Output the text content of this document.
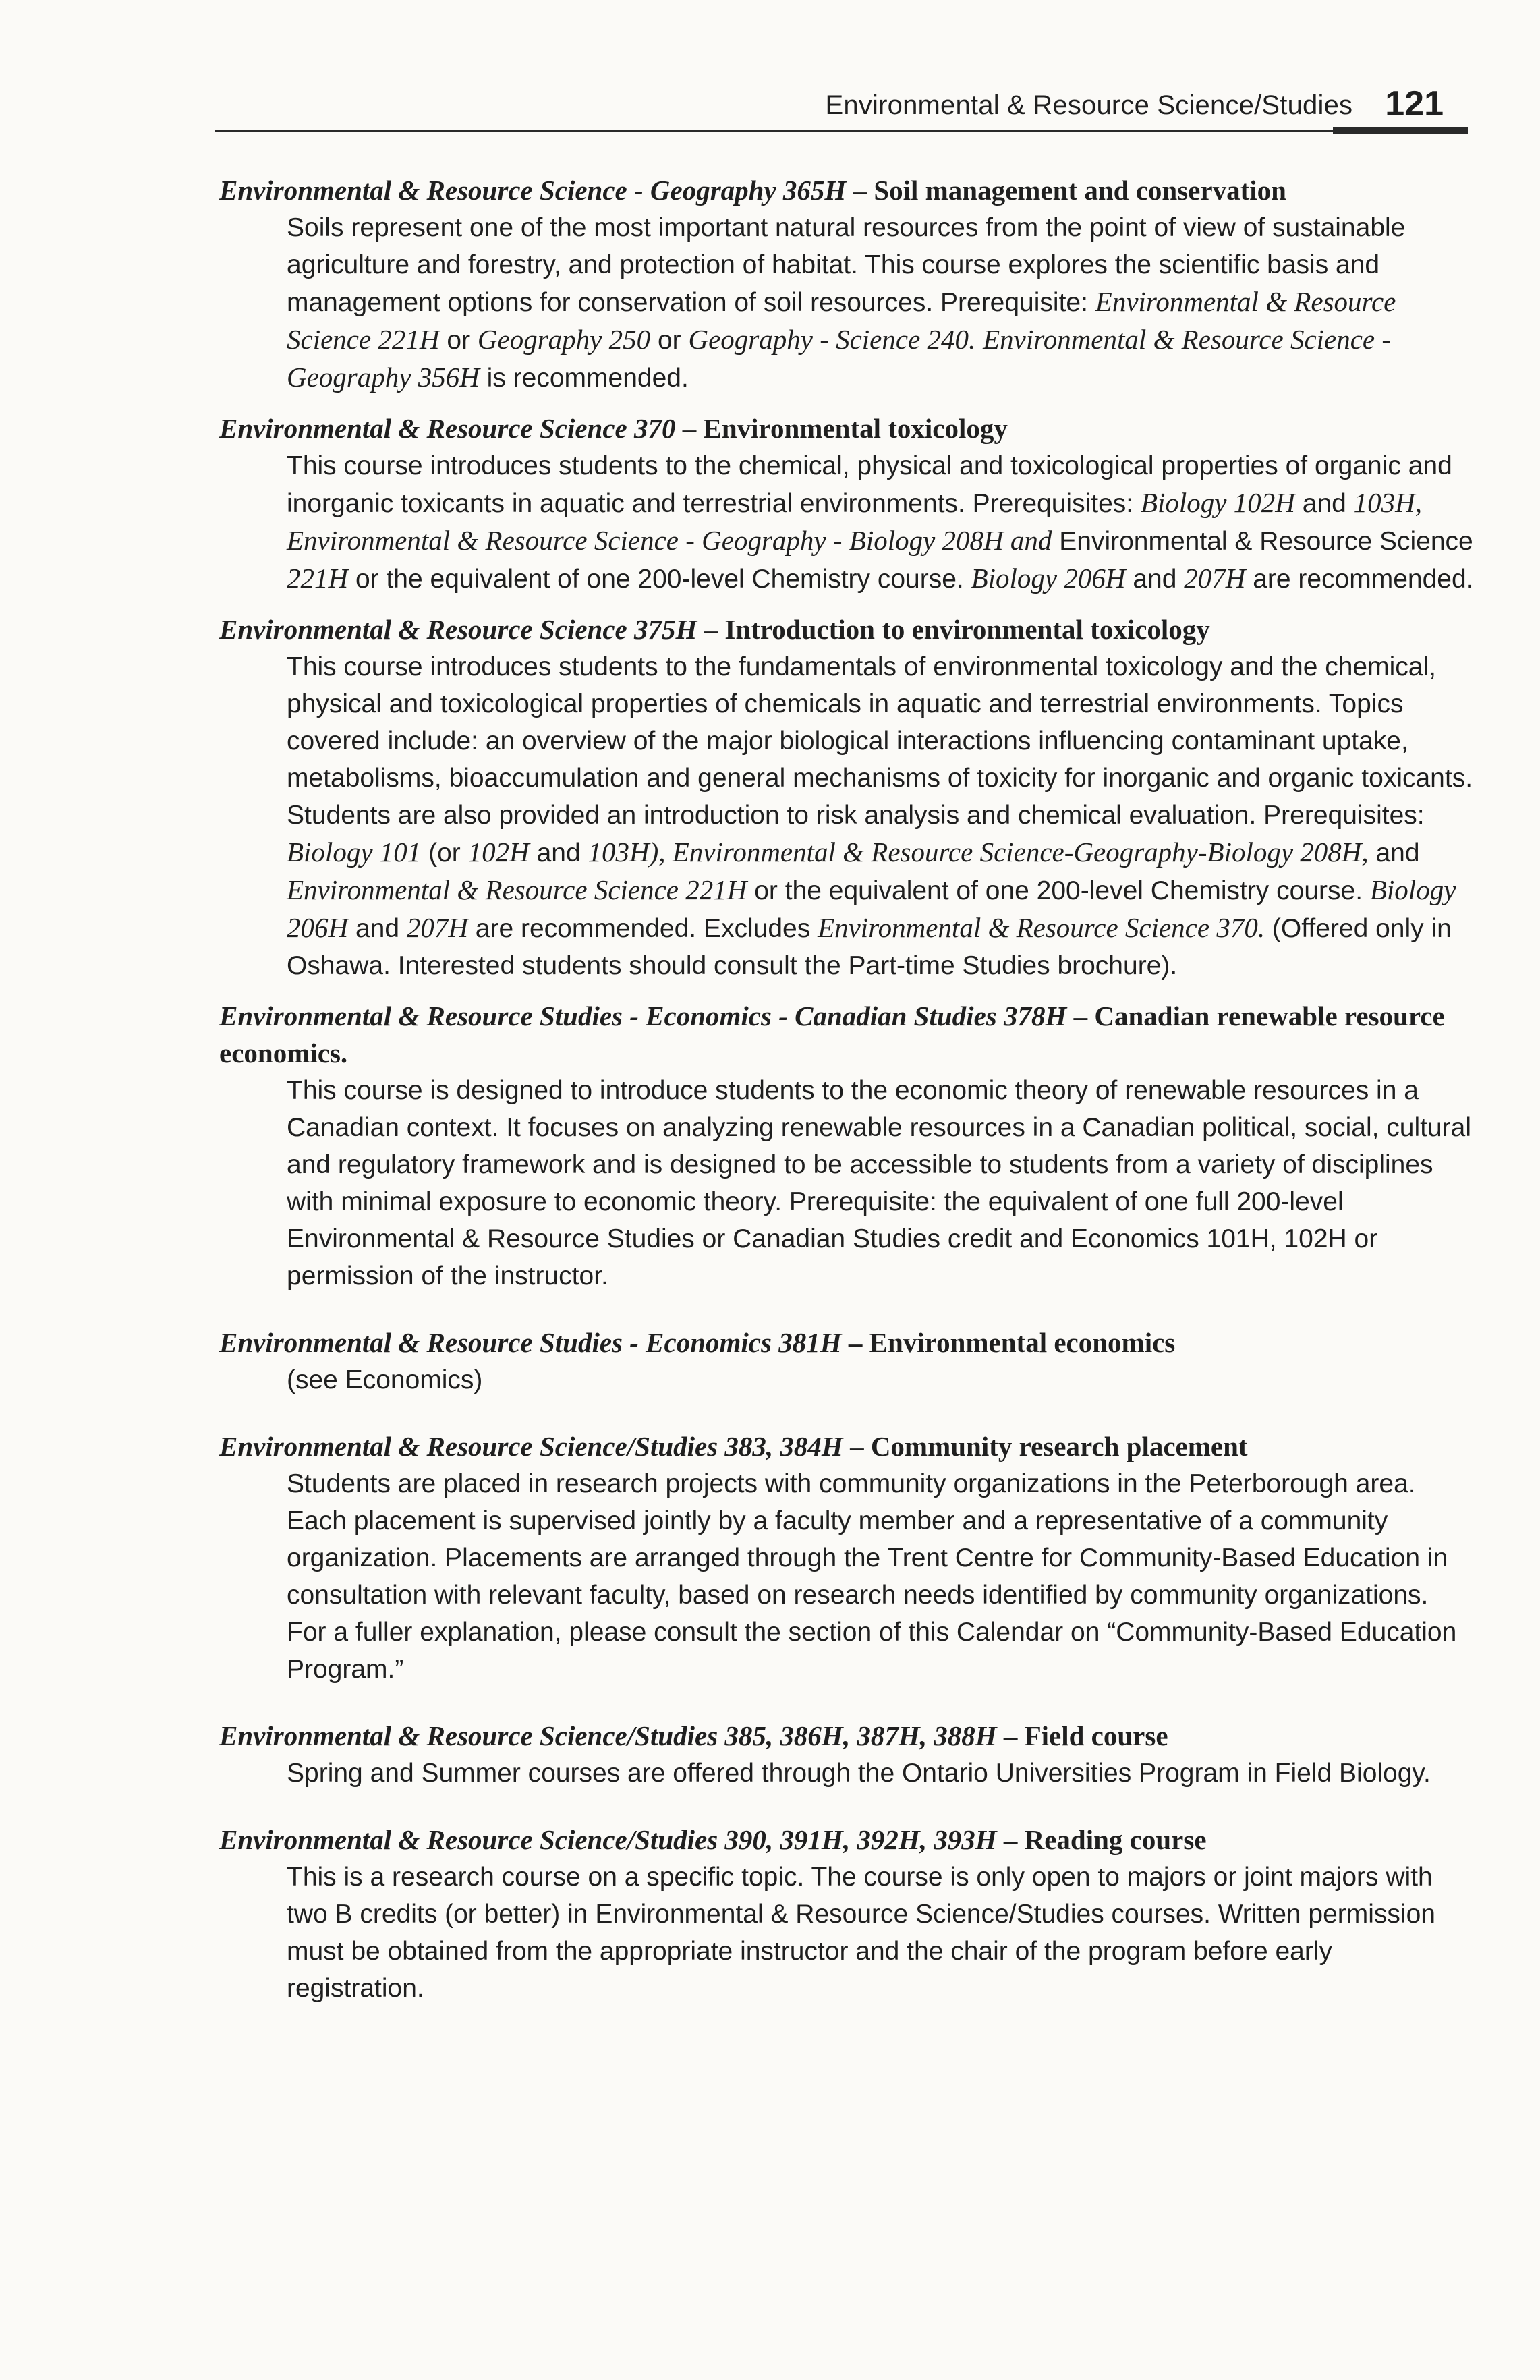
Environmental & Resource Science/Studies 121
Environmental & Resource Science - Geography 365H – Soil management and conservation
Soils represent one of the most important natural resources from the point of view of sustainable agriculture and forestry, and protection of habitat. This course explores the scientific basis and management options for conservation of soil resources. Prerequisite: Environmental & Resource Science 221H or Geography 250 or Geography - Science 240. Environmental & Resource Science - Geography 356H is recommended.
Environmental & Resource Science 370 – Environmental toxicology
This course introduces students to the chemical, physical and toxicological properties of organic and inorganic toxicants in aquatic and terrestrial environments. Prerequisites: Biology 102H and 103H, Environmental & Resource Science - Geography - Biology 208H and Environmental & Resource Science 221H or the equivalent of one 200-level Chemistry course. Biology 206H and 207H are recommended.
Environmental & Resource Science 375H – Introduction to environmental toxicology
This course introduces students to the fundamentals of environmental toxicology and the chemical, physical and toxicological properties of chemicals in aquatic and terrestrial environments. Topics covered include: an overview of the major biological interactions influencing contaminant uptake, metabolisms, bioaccumulation and general mechanisms of toxicity for inorganic and organic toxicants. Students are also provided an introduction to risk analysis and chemical evaluation. Prerequisites: Biology 101 (or 102H and 103H), Environmental & Resource Science-Geography-Biology 208H, and Environmental & Resource Science 221H or the equivalent of one 200-level Chemistry course. Biology 206H and 207H are recommended. Excludes Environmental & Resource Science 370. (Offered only in Oshawa. Interested students should consult the Part-time Studies brochure).
Environmental & Resource Studies - Economics - Canadian Studies 378H – Canadian renewable resource economics.
This course is designed to introduce students to the economic theory of renewable resources in a Canadian context. It focuses on analyzing renewable resources in a Canadian political, social, cultural and regulatory framework and is designed to be accessible to students from a variety of disciplines with minimal exposure to economic theory. Prerequisite: the equivalent of one full 200-level Environmental & Resource Studies or Canadian Studies credit and Economics 101H, 102H or permission of the instructor.
Environmental & Resource Studies - Economics 381H – Environmental economics
(see Economics)
Environmental & Resource Science/Studies 383, 384H – Community research placement
Students are placed in research projects with community organizations in the Peterborough area. Each placement is supervised jointly by a faculty member and a representative of a community organization. Placements are arranged through the Trent Centre for Community-Based Education in consultation with relevant faculty, based on research needs identified by community organizations. For a fuller explanation, please consult the section of this Calendar on “Community-Based Education Program.”
Environmental & Resource Science/Studies 385, 386H, 387H, 388H – Field course
Spring and Summer courses are offered through the Ontario Universities Program in Field Biology.
Environmental & Resource Science/Studies 390, 391H, 392H, 393H – Reading course
This is a research course on a specific topic. The course is only open to majors or joint majors with two B credits (or better) in Environmental & Resource Science/Studies courses. Written permission must be obtained from the appropriate instructor and the chair of the program before early registration.
